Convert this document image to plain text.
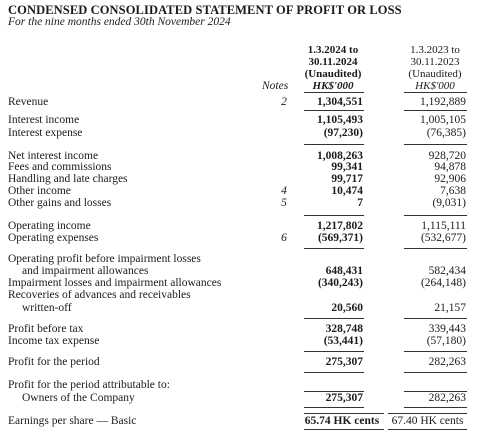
CONDENSED CONSOLIDATED STATEMENT OF PROFIT OR LOSS
For the nine months ended 30th November 2024
1.3.2024 to
30.11.2024
(Unaudited)
HK$'000
1.3.2023 to
30.11.2023
(Unaudited)
HK$'000
Notes
Revenue	2	1,304,551	1,192,889
Interest income	1,105,493	1,005,105
Interest expense	(97,230)	(76,385)
Net interest income	1,008,263	928,720
Fees and commissions	99,341	94,878
Handling and late charges	99,717	92,906
Other income	4	10,474	7,638
Other gains and losses	5	7	(9,031)
Operating income	1,217,802	1,115,111
Operating expenses	6	(569,371)	(532,677)
Operating profit before impairment losses
and impairment allowances	648,431	582,434
Impairment losses and impairment allowances	(340,243)	(264,148)
Recoveries of advances and receivables
written-off	20,560	21,157
Profit before tax	328,748	339,443
Income tax expense	(53,441)	(57,180)
Profit for the period	275,307	282,263
Profit for the period attributable to:
Owners of the Company	275,307	282,263
Earnings per share — Basic	65.74 HK cents	67.40 HK cents
